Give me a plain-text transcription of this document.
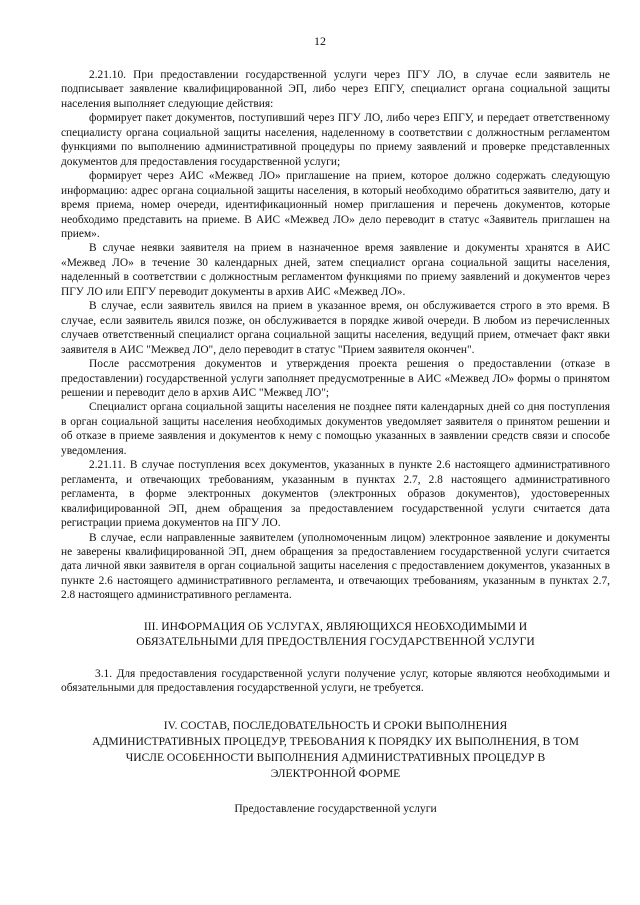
12

2.21.10. При предоставлении государственной услуги через ПГУ ЛО, в случае если заявитель не подписывает заявление квалифицированной ЭП, либо через ЕПГУ, специалист органа социальной защиты населения выполняет следующие действия:

формирует пакет документов, поступивший через ПГУ ЛО, либо через ЕПГУ, и передает ответственному специалисту органа социальной защиты населения, наделенному в соответствии с должностным регламентом функциями по выполнению административной процедуры по приему заявлений и проверке представленных документов для предоставления государственной услуги;

формирует через АИС «Межвед ЛО» приглашение на прием, которое должно содержать следующую информацию: адрес органа социальной защиты населения, в который необходимо обратиться заявителю, дату и время приема, номер очереди, идентификационный номер приглашения и перечень документов, которые необходимо представить на приеме. В АИС «Межвед ЛО» дело переводит в статус «Заявитель приглашен на прием».

В случае неявки заявителя на прием в назначенное время заявление и документы хранятся в АИС «Межвед ЛО» в течение 30 календарных дней, затем специалист органа социальной защиты населения, наделенный в соответствии с должностным регламентом функциями по приему заявлений и документов через ПГУ ЛО или ЕПГУ переводит документы в архив АИС «Межвед ЛО».

В случае, если заявитель явился на прием в указанное время, он обслуживается строго в это время. В случае, если заявитель явился позже, он обслуживается в порядке живой очереди. В любом из перечисленных случаев ответственный специалист органа социальной защиты населения, ведущий прием, отмечает факт явки заявителя в АИС "Межвед ЛО", дело переводит в статус "Прием заявителя окончен".

После рассмотрения документов и утверждения проекта решения о предоставлении (отказе в предоставлении) государственной услуги заполняет предусмотренные в АИС «Межвед ЛО» формы о принятом решении и переводит дело в архив АИС "Межвед ЛО";

Специалист органа социальной защиты населения не позднее пяти календарных дней со дня поступления в орган социальной защиты населения необходимых документов уведомляет заявителя о принятом решении и об отказе в приеме заявления и документов к нему с помощью указанных в заявлении средств связи и способе уведомления.

2.21.11. В случае поступления всех документов, указанных в пункте 2.6 настоящего административного регламента, и отвечающих требованиям, указанным в пунктах 2.7, 2.8 настоящего административного регламента, в форме электронных документов (электронных образов документов), удостоверенных квалифицированной ЭП, днем обращения за предоставлением государственной услуги считается дата регистрации приема документов на ПГУ ЛО.

В случае, если направленные заявителем (уполномоченным лицом) электронное заявление и документы не заверены квалифицированной ЭП, днем обращения за предоставлением государственной услуги считается дата личной явки заявителя в орган социальной защиты населения с предоставлением документов, указанных в пункте 2.6 настоящего административного регламента, и отвечающих требованиям, указанным в пунктах 2.7, 2.8 настоящего административного регламента.

III. ИНФОРМАЦИЯ ОБ УСЛУГАХ, ЯВЛЯЮЩИХСЯ НЕОБХОДИМЫМИ И
ОБЯЗАТЕЛЬНЫМИ ДЛЯ ПРЕДОСТВЛЕНИЯ ГОСУДАРСТВЕННОЙ УСЛУГИ

3.1. Для предоставления государственной услуги получение услуг, которые являются необходимыми и обязательными для предоставления государственной услуги, не требуется.

IV. СОСТАВ, ПОСЛЕДОВАТЕЛЬНОСТЬ И СРОКИ ВЫПОЛНЕНИЯ
АДМИНИСТРАТИВНЫХ ПРОЦЕДУР, ТРЕБОВАНИЯ К ПОРЯДКУ ИХ ВЫПОЛНЕНИЯ, В ТОМ
ЧИСЛЕ ОСОБЕННОСТИ ВЫПОЛНЕНИЯ АДМИНИСТРАТИВНЫХ ПРОЦЕДУР В
ЭЛЕКТРОННОЙ ФОРМЕ
Предоставление государственной услуги
